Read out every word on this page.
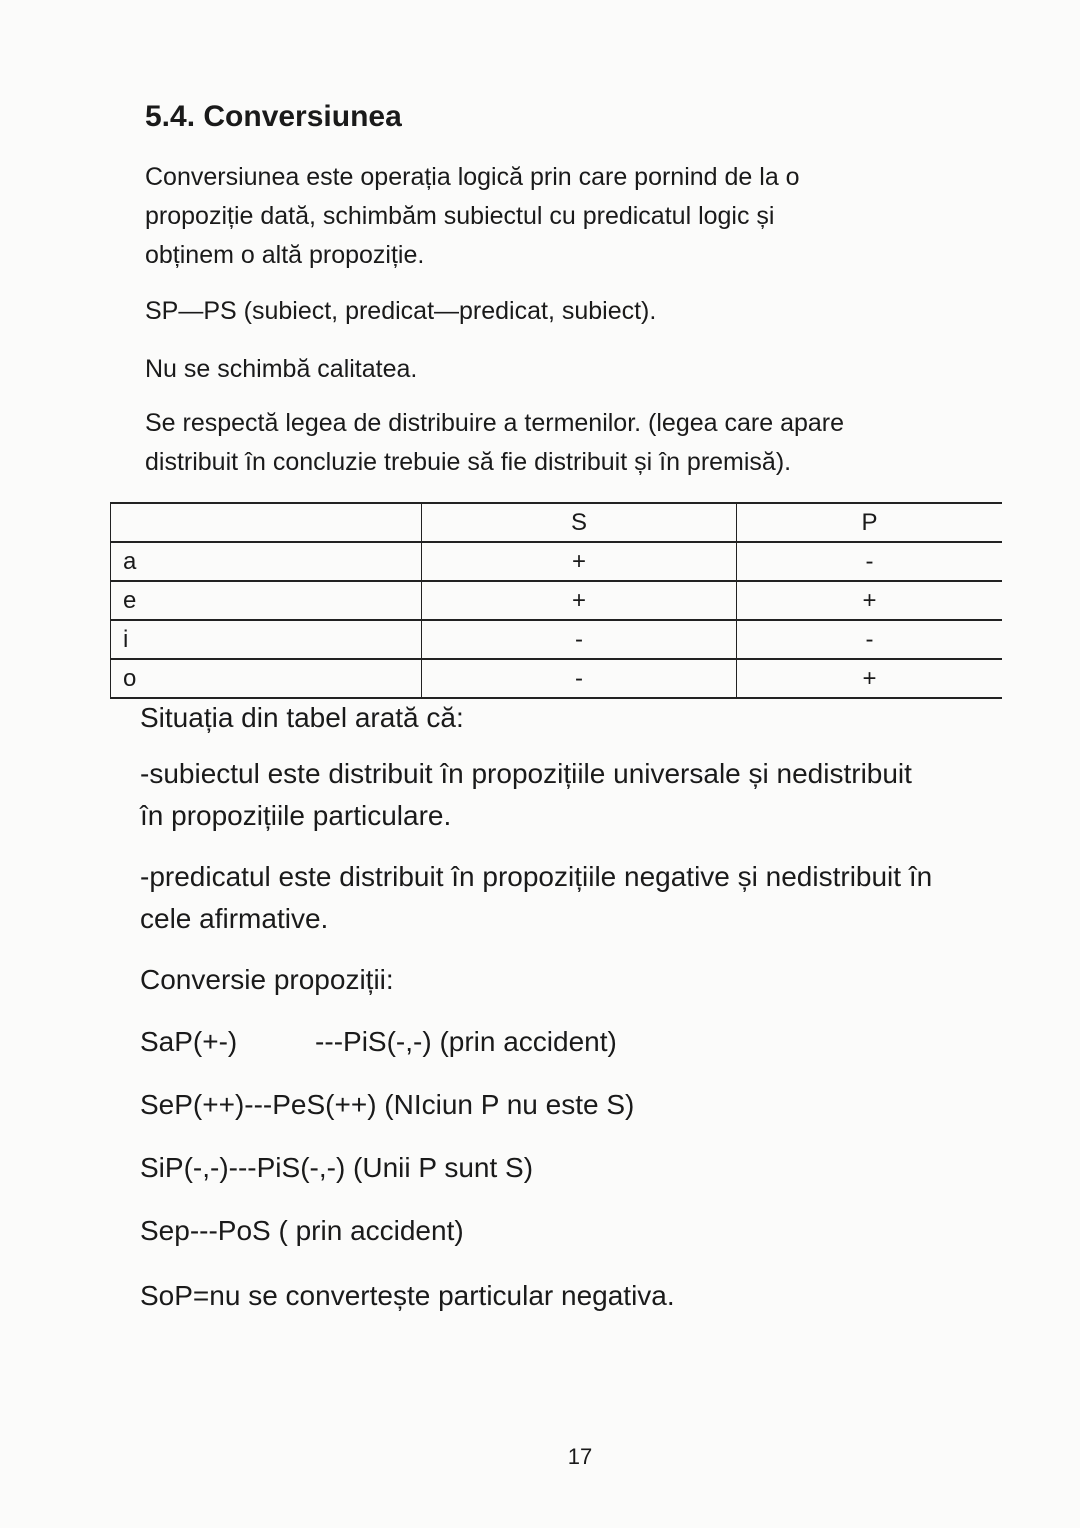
5.4. Conversiunea

Conversiunea este operația logică prin care pornind de la o
propoziție dată, schimbăm subiectul cu predicatul logic și
obținem o altă propoziție.

SP—PS (subiect, predicat—predicat, subiect).

Nu se schimbă calitatea.

Se respectă legea de distribuire a termenilor. (legea care apare
distribuit în concluzie trebuie să fie distribuit și în premisă).

	S	P
a	+	-
e	+	+
i	-	-
o	-	+

Situația din tabel arată că:

-subiectul este distribuit în propozițiile universale și nedistribuit
în propozițiile particulare.

-predicatul este distribuit în propozițiile negative și nedistribuit în
cele afirmative.

Conversie propoziții:

SaP(+-)          ---PiS(-,-) (prin accident)

SeP(++)---PeS(++) (NIciun P nu este S)

SiP(-,-)---PiS(-,-) (Unii P sunt S)

Sep---PoS ( prin accident)

SoP=nu se convertește particular negativa.

17
